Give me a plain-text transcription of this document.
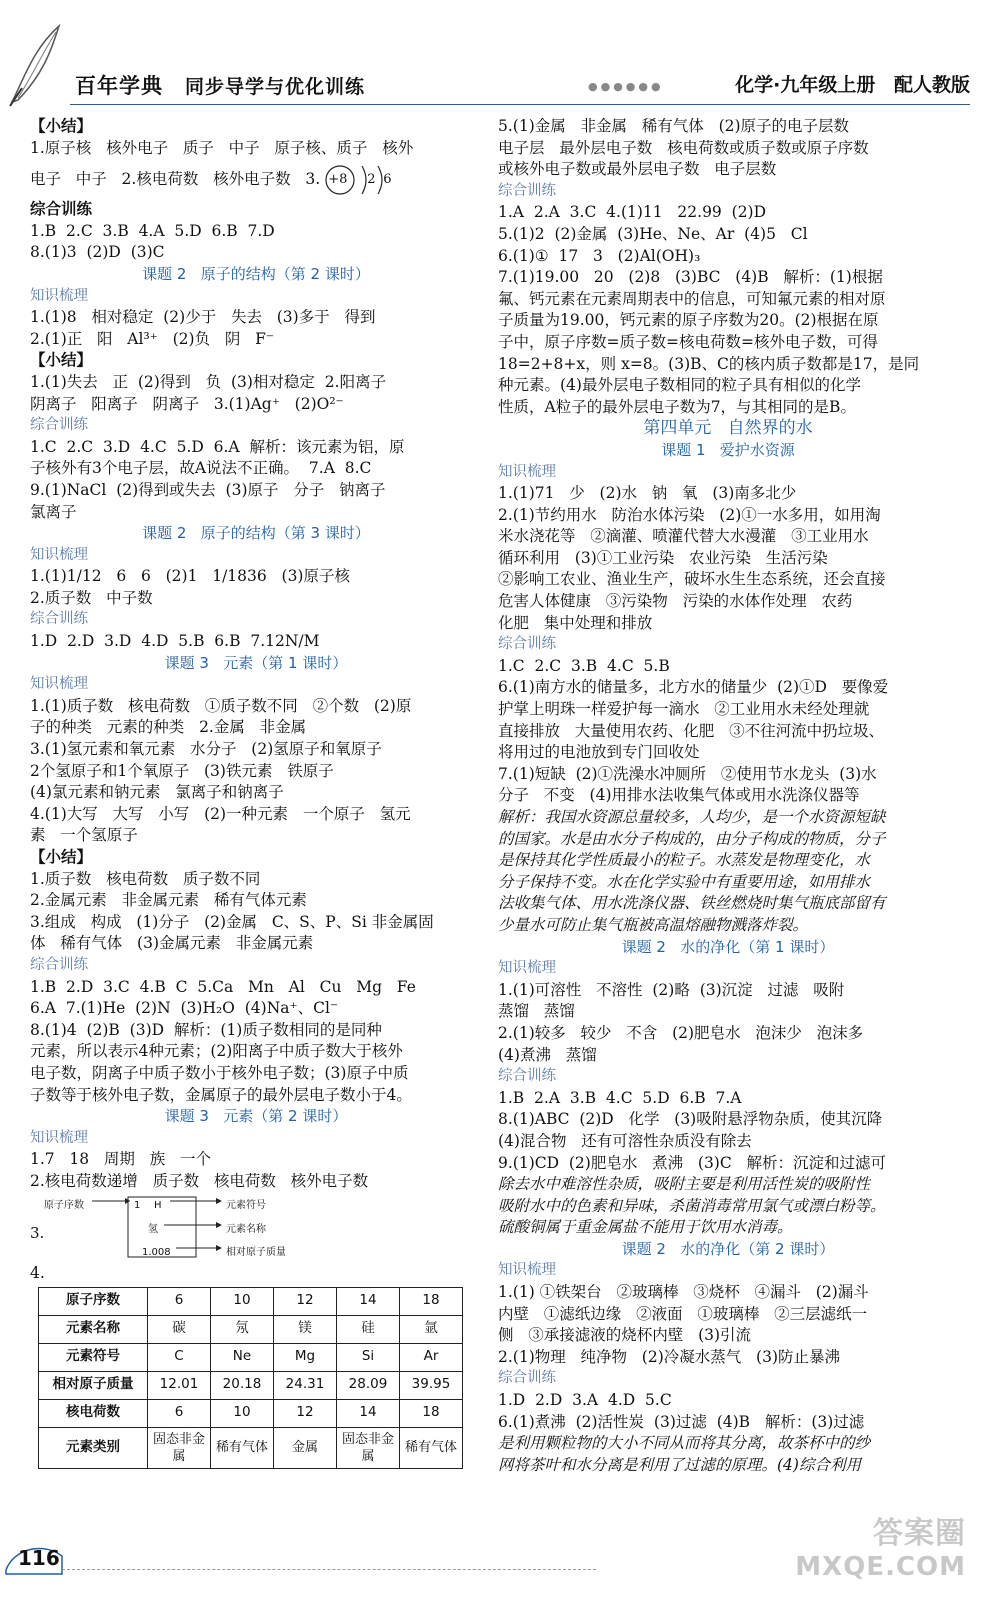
百年学典 同步导学与优化训练	●●●●●●	化学·九年级上册 配人教版
【小结】
1.原子核   核外电子   质子   中子   原子核、质子   核外
电子   中子   2.核电荷数   核外电子数   3. +8 2 6
综合训练
1.B  2.C  3.B  4.A  5.D  6.B  7.D
8.(1)3  (2)D  (3)C
课题 2   原子的结构（第 2 课时）
知识梳理
1.(1)8   相对稳定  (2)少于   失去   (3)多于   得到
2.(1)正   阳   Al³⁺   (2)负   阴   F⁻
【小结】
1.(1)失去   正  (2)得到   负  (3)相对稳定  2.阳离子
阴离子   阳离子   阴离子   3.(1)Ag⁺   (2)O²⁻
综合训练
1.C  2.C  3.D  4.C  5.D  6.A  解析：该元素为铝，原
子核外有3个电子层，故A说法不正确。  7.A  8.C
9.(1)NaCl  (2)得到或失去  (3)原子   分子   钠离子
氯离子
课题 2   原子的结构（第 3 课时）
知识梳理
1.(1)1/12   6   6   (2)1   1/1836   (3)原子核
2.质子数   中子数
综合训练
1.D  2.D  3.D  4.D  5.B  6.B  7.12N/M
课题 3   元素（第 1 课时）
知识梳理
1.(1)质子数   核电荷数   ①质子数不同   ②个数   (2)原
子的种类   元素的种类   2.金属   非金属
3.(1)氢元素和氧元素   水分子   (2)氢原子和氧原子
2个氢原子和1个氧原子   (3)铁元素   铁原子
(4)氯元素和钠元素   氯离子和钠离子
4.(1)大写   大写   小写   (2)一种元素   一个原子   氢元
素   一个氢原子
【小结】
1.质子数   核电荷数   质子数不同
2.金属元素   非金属元素   稀有气体元素
3.组成   构成   (1)分子   (2)金属   C、S、P、Si 非金属固
体   稀有气体   (3)金属元素   非金属元素
综合训练
1.B  2.D  3.C  4.B  C  5.Ca   Mn   Al   Cu   Mg   Fe
6.A  7.(1)He  (2)N  (3)H₂O  (4)Na⁺、Cl⁻
8.(1)4  (2)B  (3)D  解析：(1)质子数相同的是同种
元素，所以表示4种元素；(2)阳离子中质子数大于核外
电子数，阴离子中质子数小于核外电子数；(3)原子中质
子数等于核外电子数，金属原子的最外层电子数小于4。
课题 3   元素（第 2 课时）
知识梳理
1.7   18   周期   族   一个
2.核电荷数递增   质子数   核电荷数   核外电子数
3.
原子序数	1 H
氢
1.008
元素符号
元素名称
相对原子质量
4.
原子序数	6	10	12	14	18
元素名称	碳	氖	镁	硅	氩
元素符号	C	Ne	Mg	Si	Ar
相对原子质量	12.01	20.18	24.31	28.09	39.95
核电荷数	6	10	12	14	18
元素类别	固态非金属	稀有气体	金属	固态非金属	稀有气体
5.(1)金属   非金属   稀有气体   (2)原子的电子层数
电子层   最外层电子数   核电荷数或质子数或原子序数
或核外电子数或最外层电子数   电子层数
综合训练
1.A  2.A  3.C  4.(1)11   22.99  (2)D
5.(1)2  (2)金属  (3)He、Ne、Ar  (4)5   Cl
6.(1)①  17   3   (2)Al(OH)₃
7.(1)19.00   20   (2)8   (3)BC   (4)B   解析：(1)根据
氟、钙元素在元素周期表中的信息，可知氟元素的相对原
子质量为19.00，钙元素的原子序数为20。(2)根据在原
子中，原子序数=质子数=核电荷数=核外电子数，可得
18=2+8+x，则 x=8。(3)B、C的核内质子数都是17，是同
种元素。(4)最外层电子数相同的粒子具有相似的化学
性质，A粒子的最外层电子数为7，与其相同的是B。
第四单元   自然界的水
课题 1   爱护水资源
知识梳理
1.(1)71   少   (2)水   钠   氧   (3)南多北少
2.(1)节约用水   防治水体污染   (2)①一水多用，如用淘
米水浇花等   ②滴灌、喷灌代替大水漫灌   ③工业用水
循环利用   (3)①工业污染   农业污染   生活污染
②影响工农业、渔业生产，破坏水生生态系统，还会直接
危害人体健康   ③污染物   污染的水体作处理   农药
化肥   集中处理和排放
综合训练
1.C  2.C  3.B  4.C  5.B
6.(1)南方水的储量多，北方水的储量少  (2)①D   要像爱
护掌上明珠一样爱护每一滴水   ②工业用水未经处理就
直接排放   大量使用农药、化肥   ③不往河流中扔垃圾、
将用过的电池放到专门回收处
7.(1)短缺  (2)①洗澡水冲厕所   ②使用节水龙头  (3)水
分子   不变   (4)用排水法收集气体或用水洗涤仪器等
解析：我国水资源总量较多，人均少，是一个水资源短缺
的国家。水是由水分子构成的，由分子构成的物质，分子
是保持其化学性质最小的粒子。水蒸发是物理变化，水
分子保持不变。水在化学实验中有重要用途，如用排水
法收集气体、用水洗涤仪器、铁丝燃烧时集气瓶底部留有
少量水可防止集气瓶被高温熔融物溅落炸裂。
课题 2   水的净化（第 1 课时）
知识梳理
1.(1)可溶性   不溶性  (2)略  (3)沉淀   过滤   吸附
蒸馏   蒸馏
2.(1)较多   较少   不含   (2)肥皂水   泡沫少   泡沫多
(4)煮沸   蒸馏
综合训练
1.B  2.A  3.B  4.C  5.D  6.B  7.A
8.(1)ABC  (2)D   化学   (3)吸附悬浮物杂质，使其沉降
(4)混合物   还有可溶性杂质没有除去
9.(1)CD  (2)肥皂水   煮沸   (3)C   解析：沉淀和过滤可
除去水中难溶性杂质，吸附主要是利用活性炭的吸附性
吸附水中的色素和异味，杀菌消毒常用氯气或漂白粉等。
硫酸铜属于重金属盐不能用于饮用水消毒。
课题 2   水的净化（第 2 课时）
知识梳理
1.(1) ①铁架台   ②玻璃棒   ③烧杯   ④漏斗   (2)漏斗
内壁   ①滤纸边缘   ②液面   ①玻璃棒   ②三层滤纸一
侧   ③承接滤液的烧杯内壁   (3)引流
2.(1)物理   纯净物   (2)冷凝水蒸气   (3)防止暴沸
综合训练
1.D  2.D  3.A  4.D  5.C
6.(1)煮沸  (2)活性炭  (3)过滤  (4)B   解析：(3)过滤
是利用颗粒物的大小不同从而将其分离，故茶杯中的纱
网将茶叶和水分离是利用了过滤的原理。(4)综合利用
116
答案圈
MXQE.COM
